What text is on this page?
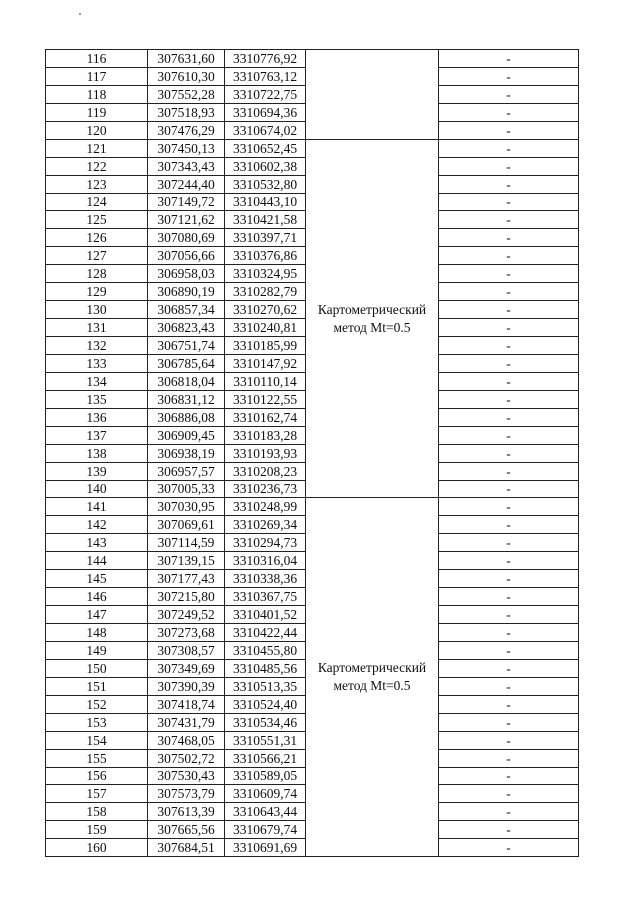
116	307631,60	3310776,92		-
117	307610,30	3310763,12		-
118	307552,28	3310722,75		-
119	307518,93	3310694,36		-
120	307476,29	3310674,02		-
121	307450,13	3310652,45	Картометрический метод Mt=0.5	-
122	307343,43	3310602,38		-
123	307244,40	3310532,80		-
124	307149,72	3310443,10		-
125	307121,62	3310421,58		-
126	307080,69	3310397,71		-
127	307056,66	3310376,86		-
128	306958,03	3310324,95		-
129	306890,19	3310282,79		-
130	306857,34	3310270,62		-
131	306823,43	3310240,81		-
132	306751,74	3310185,99		-
133	306785,64	3310147,92		-
134	306818,04	3310110,14		-
135	306831,12	3310122,55		-
136	306886,08	3310162,74		-
137	306909,45	3310183,28		-
138	306938,19	3310193,93		-
139	306957,57	3310208,23		-
140	307005,33	3310236,73		-
141	307030,95	3310248,99	Картометрический метод Mt=0.5	-
142	307069,61	3310269,34		-
143	307114,59	3310294,73		-
144	307139,15	3310316,04		-
145	307177,43	3310338,36		-
146	307215,80	3310367,75		-
147	307249,52	3310401,52		-
148	307273,68	3310422,44		-
149	307308,57	3310455,80		-
150	307349,69	3310485,56		-
151	307390,39	3310513,35		-
152	307418,74	3310524,40		-
153	307431,79	3310534,46		-
154	307468,05	3310551,31		-
155	307502,72	3310566,21		-
156	307530,43	3310589,05		-
157	307573,79	3310609,74		-
158	307613,39	3310643,44		-
159	307665,56	3310679,74		-
160	307684,51	3310691,69		-
